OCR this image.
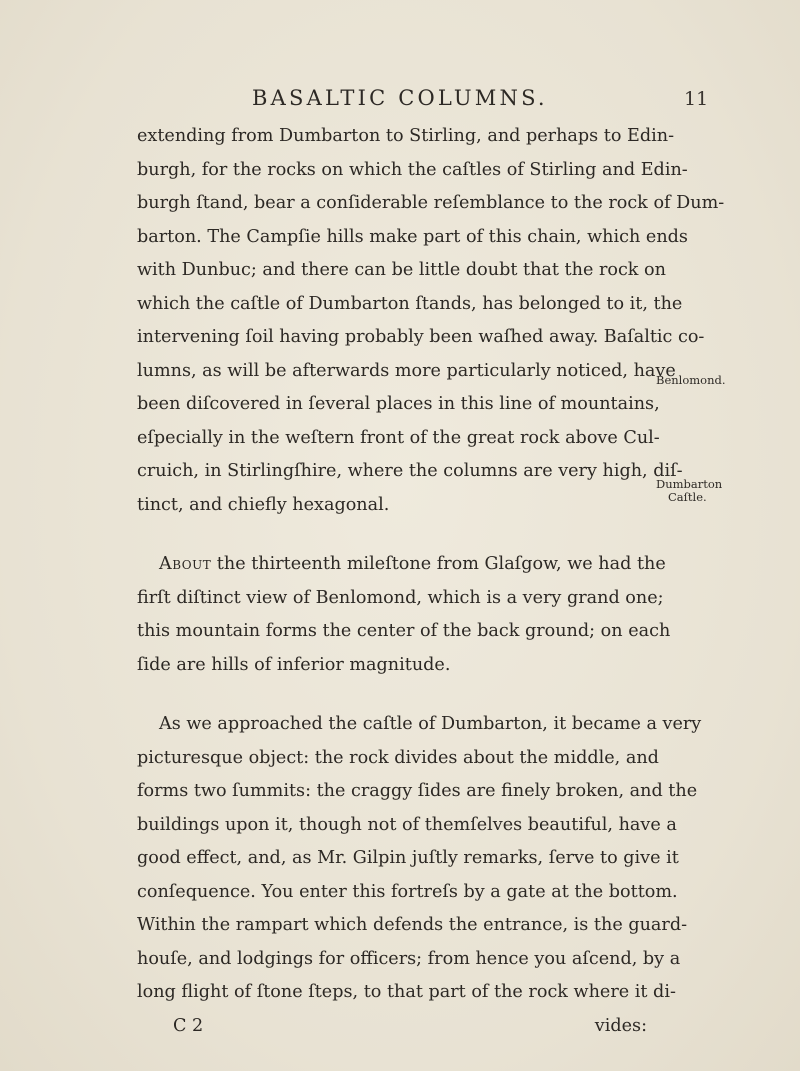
BASALTIC COLUMNS.	11
extending from Dumbarton to Stirling, and perhaps to Edin-
burgh, for the rocks on which the caſtles of Stirling and Edin-
burgh ſtand, bear a conſiderable reſemblance to the rock of Dum-
barton. The Campſie hills make part of this chain, which ends
with Dunbuc; and there can be little doubt that the rock on
which the caſtle of Dumbarton ſtands, has belonged to it, the
intervening ſoil having probably been waſhed away. Baſaltic co-
lumns, as will be afterwards more particularly noticed, have
been diſcovered in ſeveral places in this line of mountains,
eſpecially in the weſtern front of the great rock above Cul-
cruich, in Stirlingſhire, where the columns are very high, diſ-
tinct, and chiefly hexagonal.
About the thirteenth mileſtone from Glaſgow, we had the
firſt diſtinct view of Benlomond, which is a very grand one;
this mountain forms the center of the back ground; on each
ſide are hills of inferior magnitude.
As we approached the caſtle of Dumbarton, it became a very
picturesque object: the rock divides about the middle, and
forms two ſummits: the craggy ſides are finely broken, and the
buildings upon it, though not of themſelves beautiful, have a
good effect, and, as Mr. Gilpin juſtly remarks, ſerve to give it
conſequence. You enter this fortreſs by a gate at the bottom.
Within the rampart which defends the entrance, is the guard-
houſe, and lodgings for officers; from hence you aſcend, by a
long flight of ſtone ſteps, to that part of the rock where it di-
C 2	vides:
Benlomond.
Dumbarton
Caſtle.
